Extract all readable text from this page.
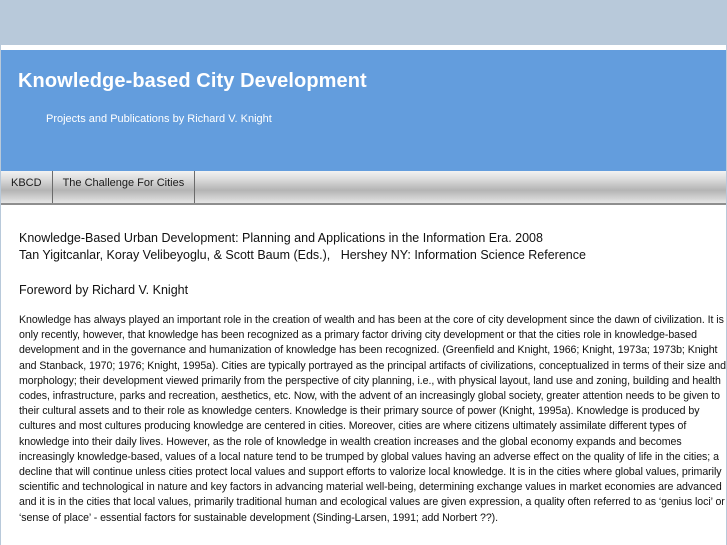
Knowledge-based City Development

Projects and Publications by Richard V. Knight

KBCD	The Challenge For Cities

Knowledge-Based Urban Development: Planning and Applications in the Information Era. 2008

Tan Yigitcanlar, Koray Velibeyoglu, & Scott Baum (Eds.),   Hershey NY: Information Science Reference

Foreword by Richard V. Knight

Knowledge has always played an important role in the creation of wealth and has been at the core of city development since the dawn of civilization. It is only recently, however, that knowledge has been recognized as a primary factor driving city development or that the cities role in knowledge-based development and in the governance and humanization of knowledge has been recognized. (Greenfield and Knight, 1966; Knight, 1973a; 1973b; Knight and Stanback, 1970; 1976; Knight, 1995a). Cities are typically portrayed as the principal artifacts of civilizations, conceptualized in terms of their size and morphology; their development viewed primarily from the perspective of city planning, i.e., with physical layout, land use and zoning, building and health codes, infrastructure, parks and recreation, aesthetics, etc. Now, with the advent of an increasingly global society, greater attention needs to be given to their cultural assets and to their role as knowledge centers. Knowledge is their primary source of power (Knight, 1995a). Knowledge is produced by cultures and most cultures producing knowledge are centered in cities. Moreover, cities are where citizens ultimately assimilate different types of knowledge into their daily lives. However, as the role of knowledge in wealth creation increases and the global economy expands and becomes increasingly knowledge-based, values of a local nature tend to be trumped by global values having an adverse effect on the quality of life in the cities; a decline that will continue unless cities protect local values and support efforts to valorize local knowledge. It is in the cities where global values, primarily scientific and technological in nature and key factors in advancing material well-being, determining exchange values in market economies are advanced and it is in the cities that local values, primarily traditional human and ecological values are given expression, a quality often referred to as ‘genius loci’ or ‘sense of place’ - essential factors for sustainable development (Sinding-Larsen, 1991; add Norbert ??).
